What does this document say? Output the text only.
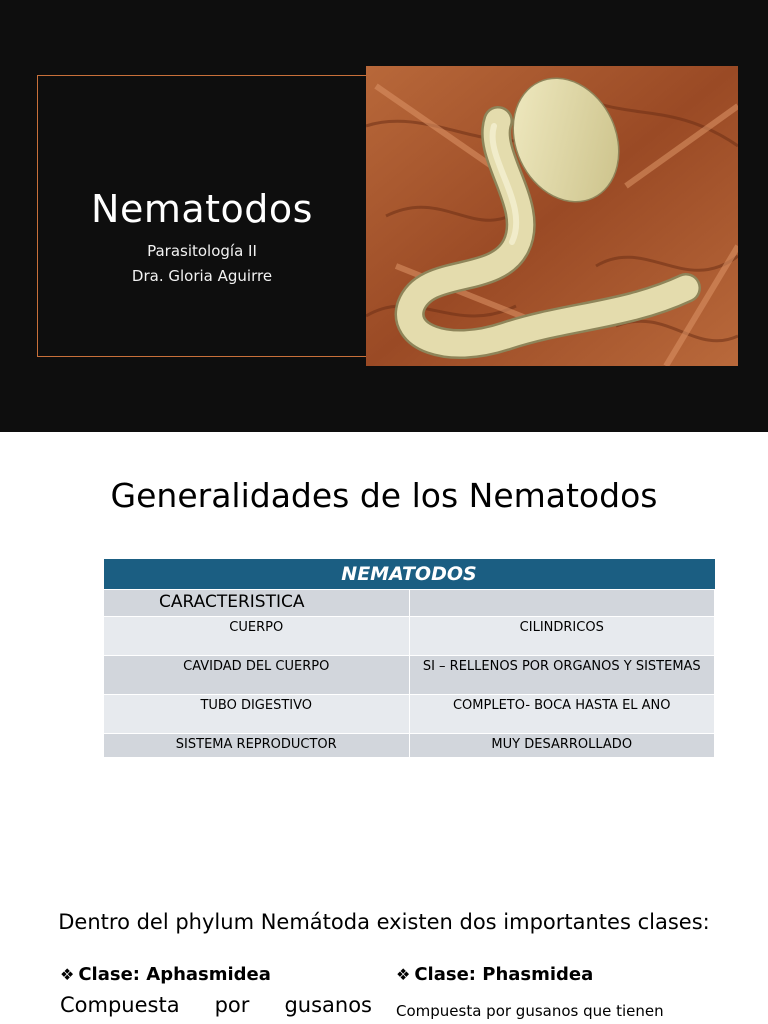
Nematodos
Parasitología II
Dra. Gloria Aguirre
Generalidades de los Nematodos
NEMATODOS	
CARACTERISTICA	
CUERPO	CILINDRICOS
CAVIDAD DEL CUERPO	SI – RELLENOS POR ORGANOS Y SISTEMAS
TUBO DIGESTIVO	COMPLETO- BOCA HASTA EL ANO
SISTEMA REPRODUCTOR	MUY DESARROLLADO
Dentro del phylum Nemátoda existen dos importantes clases:
❖ Clase: Aphasmidea
Compuesta por gusanos
❖ Clase: Phasmidea
Compuesta por gusanos que tienen
